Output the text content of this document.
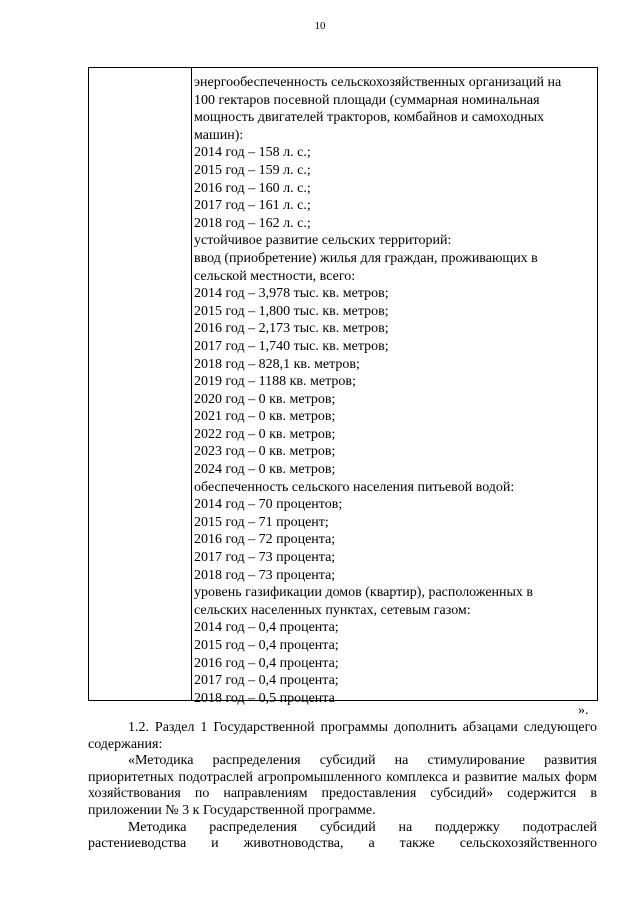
10
энергообеспеченность сельскохозяйственных организаций на
100 гектаров посевной площади (суммарная номинальная
мощность двигателей тракторов, комбайнов и самоходных
машин):
2014 год – 158 л. с.;
2015 год – 159 л. с.;
2016 год – 160 л. с.;
2017 год – 161 л. с.;
2018 год – 162 л. с.;
устойчивое развитие сельских территорий:
ввод (приобретение) жилья для граждан, проживающих в
сельской местности, всего:
2014 год – 3,978 тыс. кв. метров;
2015 год – 1,800 тыс. кв. метров;
2016 год – 2,173 тыс. кв. метров;
2017 год – 1,740 тыс. кв. метров;
2018 год – 828,1 кв. метров;
2019 год – 1188 кв. метров;
2020 год – 0 кв. метров;
2021 год – 0 кв. метров;
2022 год – 0 кв. метров;
2023 год – 0 кв. метров;
2024 год – 0 кв. метров;
обеспеченность сельского населения питьевой водой:
2014 год – 70 процентов;
2015 год – 71 процент;
2016 год – 72 процента;
2017 год – 73 процента;
2018 год – 73 процента;
уровень газификации домов (квартир), расположенных в
сельских населенных пунктах, сетевым газом:
2014 год – 0,4 процента;
2015 год – 0,4 процента;
2016 год – 0,4 процента;
2017 год – 0,4 процента;
2018 год – 0,5 процента
».

1.2. Раздел 1 Государственной программы дополнить абзацами следующего содержания:

«Методика распределения субсидий на стимулирование развития приоритетных подотраслей агропромышленного комплекса и развитие малых форм хозяйствования по направлениям предоставления субсидий» содержится в приложении № 3 к Государственной программе.

Методика распределения субсидий на поддержку подотраслей растениеводства и животноводства, а также сельскохозяйственного
